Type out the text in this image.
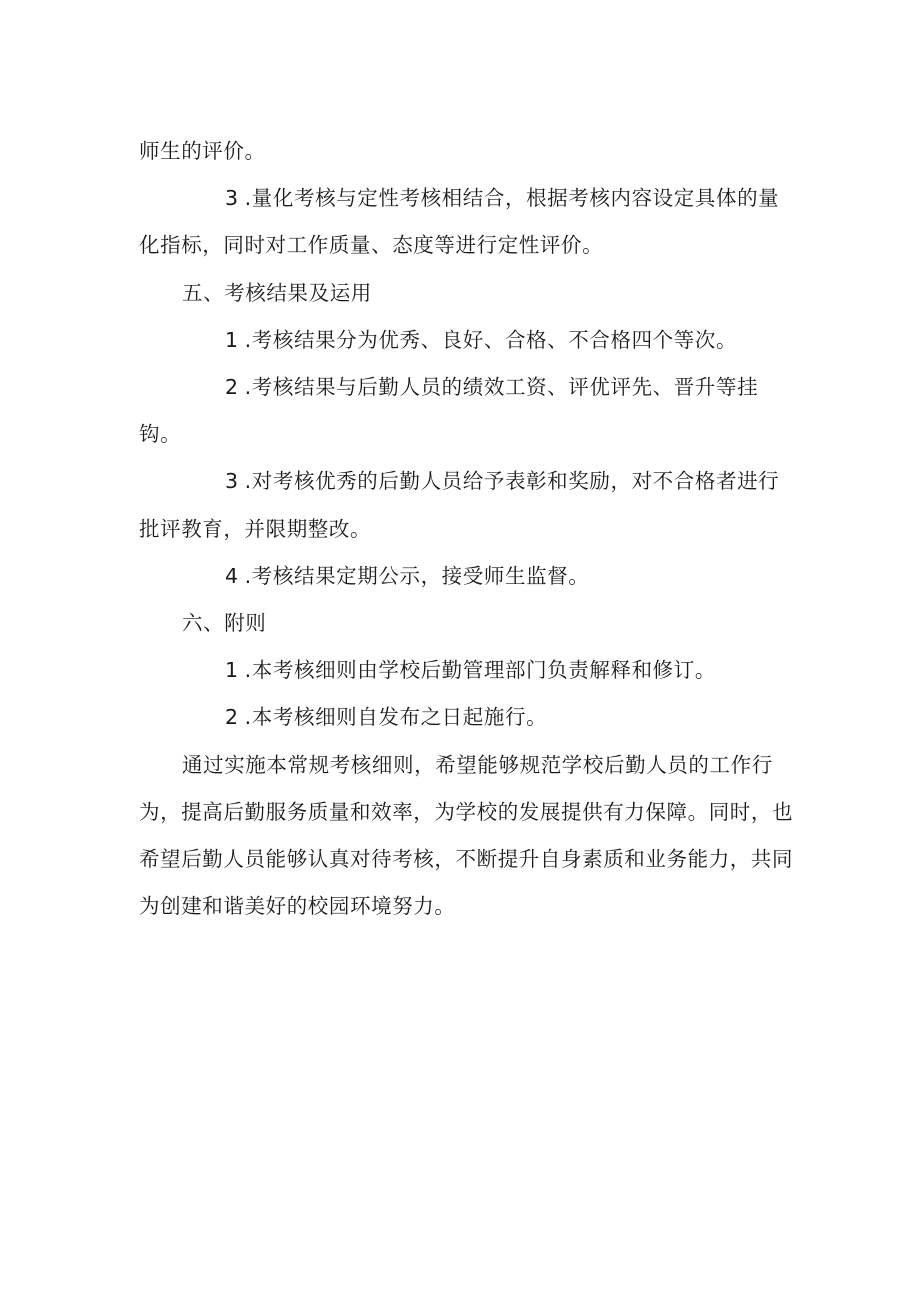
师生的评价。

3 .量化考核与定性考核相结合，根据考核内容设定具体的量化指标，同时对工作质量、态度等进行定性评价。

五、考核结果及运用

1 .考核结果分为优秀、良好、合格、不合格四个等次。

2 .考核结果与后勤人员的绩效工资、评优评先、晋升等挂钩。

3 .对考核优秀的后勤人员给予表彰和奖励，对不合格者进行批评教育，并限期整改。

4 .考核结果定期公示，接受师生监督。

六、附则

1 .本考核细则由学校后勤管理部门负责解释和修订。

2 .本考核细则自发布之日起施行。

通过实施本常规考核细则，希望能够规范学校后勤人员的工作行为，提高后勤服务质量和效率，为学校的发展提供有力保障。同时，也希望后勤人员能够认真对待考核，不断提升自身素质和业务能力，共同为创建和谐美好的校园环境努力。
